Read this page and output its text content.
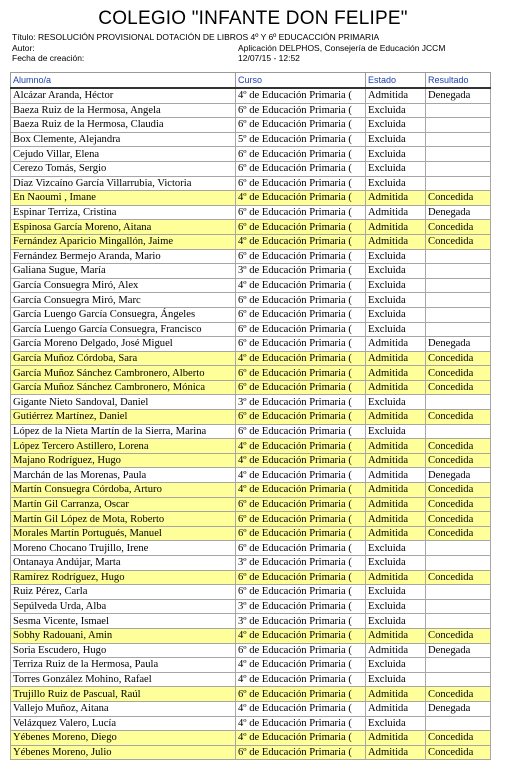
COLEGIO "INFANTE DON FELIPE"
Título: RESOLUCIÓN PROVISIONAL DOTACIÓN DE LIBROS 4º Y 6º EDUCACCIÓN PRIMARIA
Autor:	Aplicación DELPHOS, Consejería de Educación JCCM
Fecha de creación:	12/07/15 - 12:52
Alumno/a	Curso	Estado	Resultado
Alcázar Aranda, Héctor	4º de Educación Primaria (	Admitida	Denegada
Baeza Ruiz de la Hermosa, Angela	6º de Educación Primaria (	Excluida	
Baeza Ruiz de la Hermosa, Claudia	6º de Educación Primaria (	Excluida	
Box Clemente, Alejandra	5º de Educación Primaria (	Excluida	
Cejudo Villar, Elena	6º de Educación Primaria (	Excluida	
Cerezo Tomás, Sergio	6º de Educación Primaria (	Excluida	
Díaz Vizcaíno García Villarrubia, Victoria	6º de Educación Primaria (	Excluida	
En Naoumi , Imane	4º de Educación Primaria (	Admitida	Concedida
Espinar Terriza, Cristina	6º de Educación Primaria (	Admitida	Denegada
Espinosa García Moreno, Aitana	6º de Educación Primaria (	Admitida	Concedida
Fernández Aparicio Mingallón, Jaime	4º de Educación Primaria (	Admitida	Concedida
Fernández Bermejo Aranda, Mario	6º de Educación Primaria (	Excluida	
Galiana Sugue, María	3º de Educación Primaria (	Excluida	
García Consuegra Miró, Alex	4º de Educación Primaria (	Excluida	
García Consuegra Miró, Marc	6º de Educación Primaria (	Excluida	
García Luengo García Consuegra, Ángeles	6º de Educación Primaria (	Excluida	
García Luengo García Consuegra, Francisco	6º de Educación Primaria (	Excluida	
García Moreno Delgado, José Miguel	6º de Educación Primaria (	Admitida	Denegada
García Muñoz Córdoba, Sara	4º de Educación Primaria (	Admitida	Concedida
García Muñoz Sánchez Cambronero, Alberto	6º de Educación Primaria (	Admitida	Concedida
García Muñoz Sánchez Cambronero, Mónica	6º de Educación Primaria (	Admitida	Concedida
Gigante Nieto Sandoval, Daniel	3º de Educación Primaria (	Excluida	
Gutiérrez Martínez, Daniel	6º de Educación Primaria (	Admitida	Concedida
López de la Nieta Martín de la Sierra, Marina	6º de Educación Primaria (	Excluida	
López Tercero Astillero, Lorena	4º de Educación Primaria (	Admitida	Concedida
Majano Rodríguez, Hugo	4º de Educación Primaria (	Admitida	Concedida
Marchán de las Morenas, Paula	4º de Educación Primaria (	Admitida	Denegada
Martín Consuegra Córdoba, Arturo	4º de Educación Primaria (	Admitida	Concedida
Martín Gil Carranza, Oscar	6º de Educación Primaria (	Admitida	Concedida
Martín Gil López de Mota, Roberto	6º de Educación Primaria (	Admitida	Concedida
Morales Martín Portugués, Manuel	6º de Educación Primaria (	Admitida	Concedida
Moreno Chocano Trujillo, Irene	6º de Educación Primaria (	Excluida	
Ontanaya Andújar, Marta	3º de Educación Primaria (	Excluida	
Ramírez Rodríguez, Hugo	6º de Educación Primaria (	Admitida	Concedida
Ruiz Pérez, Carla	6º de Educación Primaria (	Excluida	
Sepúlveda Urda, Alba	3º de Educación Primaria (	Excluida	
Sesma Vicente, Ismael	3º de Educación Primaria (	Excluida	
Sobhy Radouani, Amin	4º de Educación Primaria (	Admitida	Concedida
Soria Escudero, Hugo	6º de Educación Primaria (	Admitida	Denegada
Terriza Ruiz de la Hermosa, Paula	4º de Educación Primaria (	Excluida	
Torres González Mohino, Rafael	4º de Educación Primaria (	Excluida	
Trujillo Ruiz de Pascual, Raúl	6º de Educación Primaria (	Admitida	Concedida
Vallejo Muñoz, Aitana	4º de Educación Primaria (	Admitida	Denegada
Velázquez Valero, Lucía	4º de Educación Primaria (	Excluida	
Yébenes Moreno, Diego	4º de Educación Primaria (	Admitida	Concedida
Yébenes Moreno, Julio	6º de Educación Primaria (	Admitida	Concedida
